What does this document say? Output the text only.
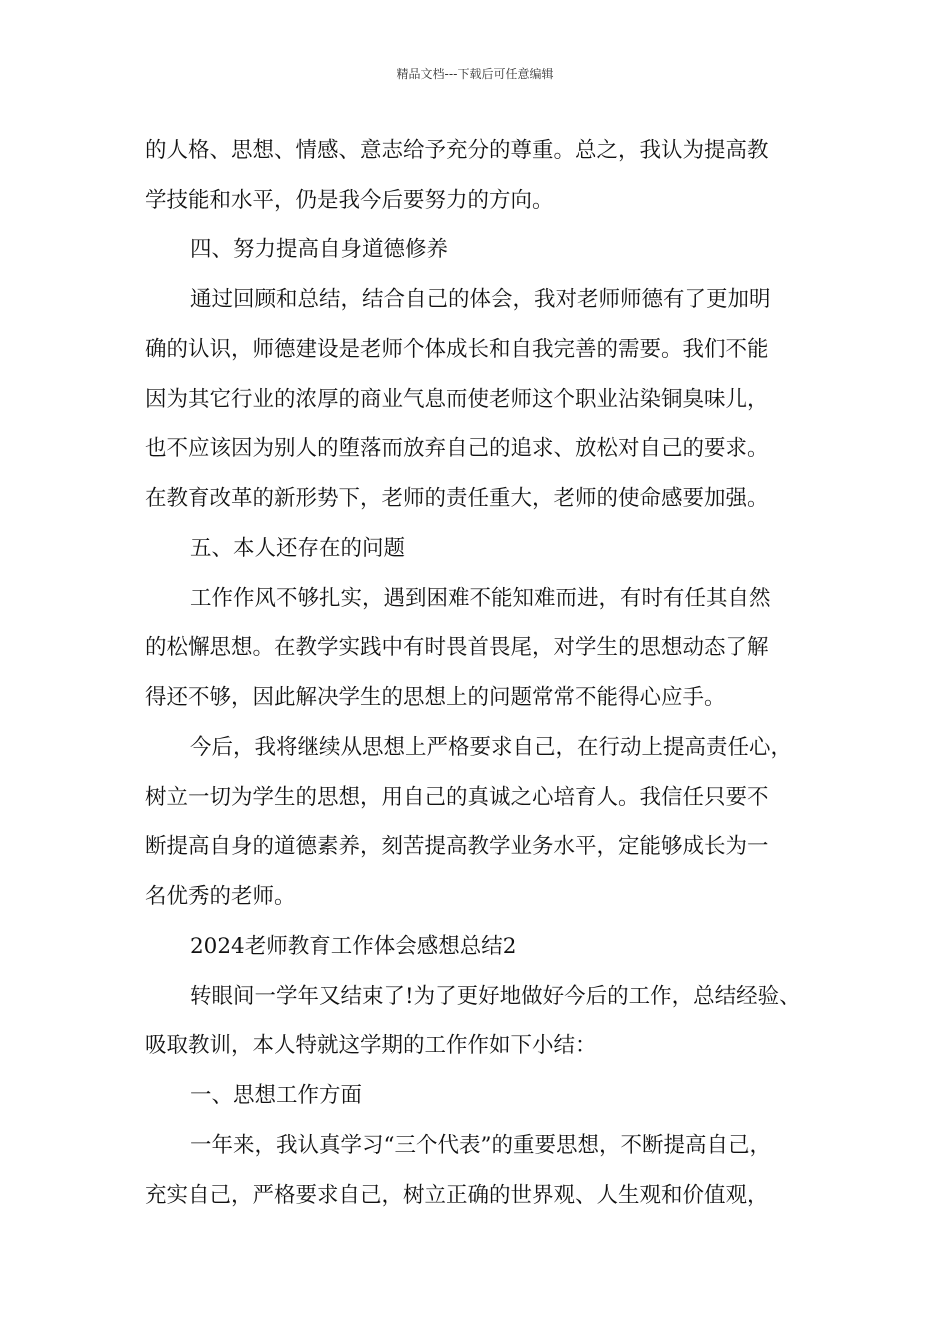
精品文档---下载后可任意编辑
的人格、思想、情感、意志给予充分的尊重。总之，我认为提高教
学技能和水平，仍是我今后要努力的方向。
四、努力提高自身道德修养
通过回顾和总结，结合自己的体会，我对老师师德有了更加明
确的认识，师德建设是老师个体成长和自我完善的需要。我们不能
因为其它行业的浓厚的商业气息而使老师这个职业沾染铜臭味儿，
也不应该因为别人的堕落而放弃自己的追求、放松对自己的要求。
在教育改革的新形势下，老师的责任重大，老师的使命感要加强。
五、本人还存在的问题
工作作风不够扎实，遇到困难不能知难而进，有时有任其自然
的松懈思想。在教学实践中有时畏首畏尾，对学生的思想动态了解
得还不够，因此解决学生的思想上的问题常常不能得心应手。
今后，我将继续从思想上严格要求自己，在行动上提高责任心，
树立一切为学生的思想，用自己的真诚之心培育人。我信任只要不
断提高自身的道德素养，刻苦提高教学业务水平，定能够成长为一
名优秀的老师。
2024老师教育工作体会感想总结2
转眼间一学年又结束了!为了更好地做好今后的工作，总结经验、
吸取教训，本人特就这学期的工作作如下小结：
一、思想工作方面
一年来，我认真学习“三个代表”的重要思想，不断提高自己，
充实自己，严格要求自己，树立正确的世界观、人生观和价值观，
